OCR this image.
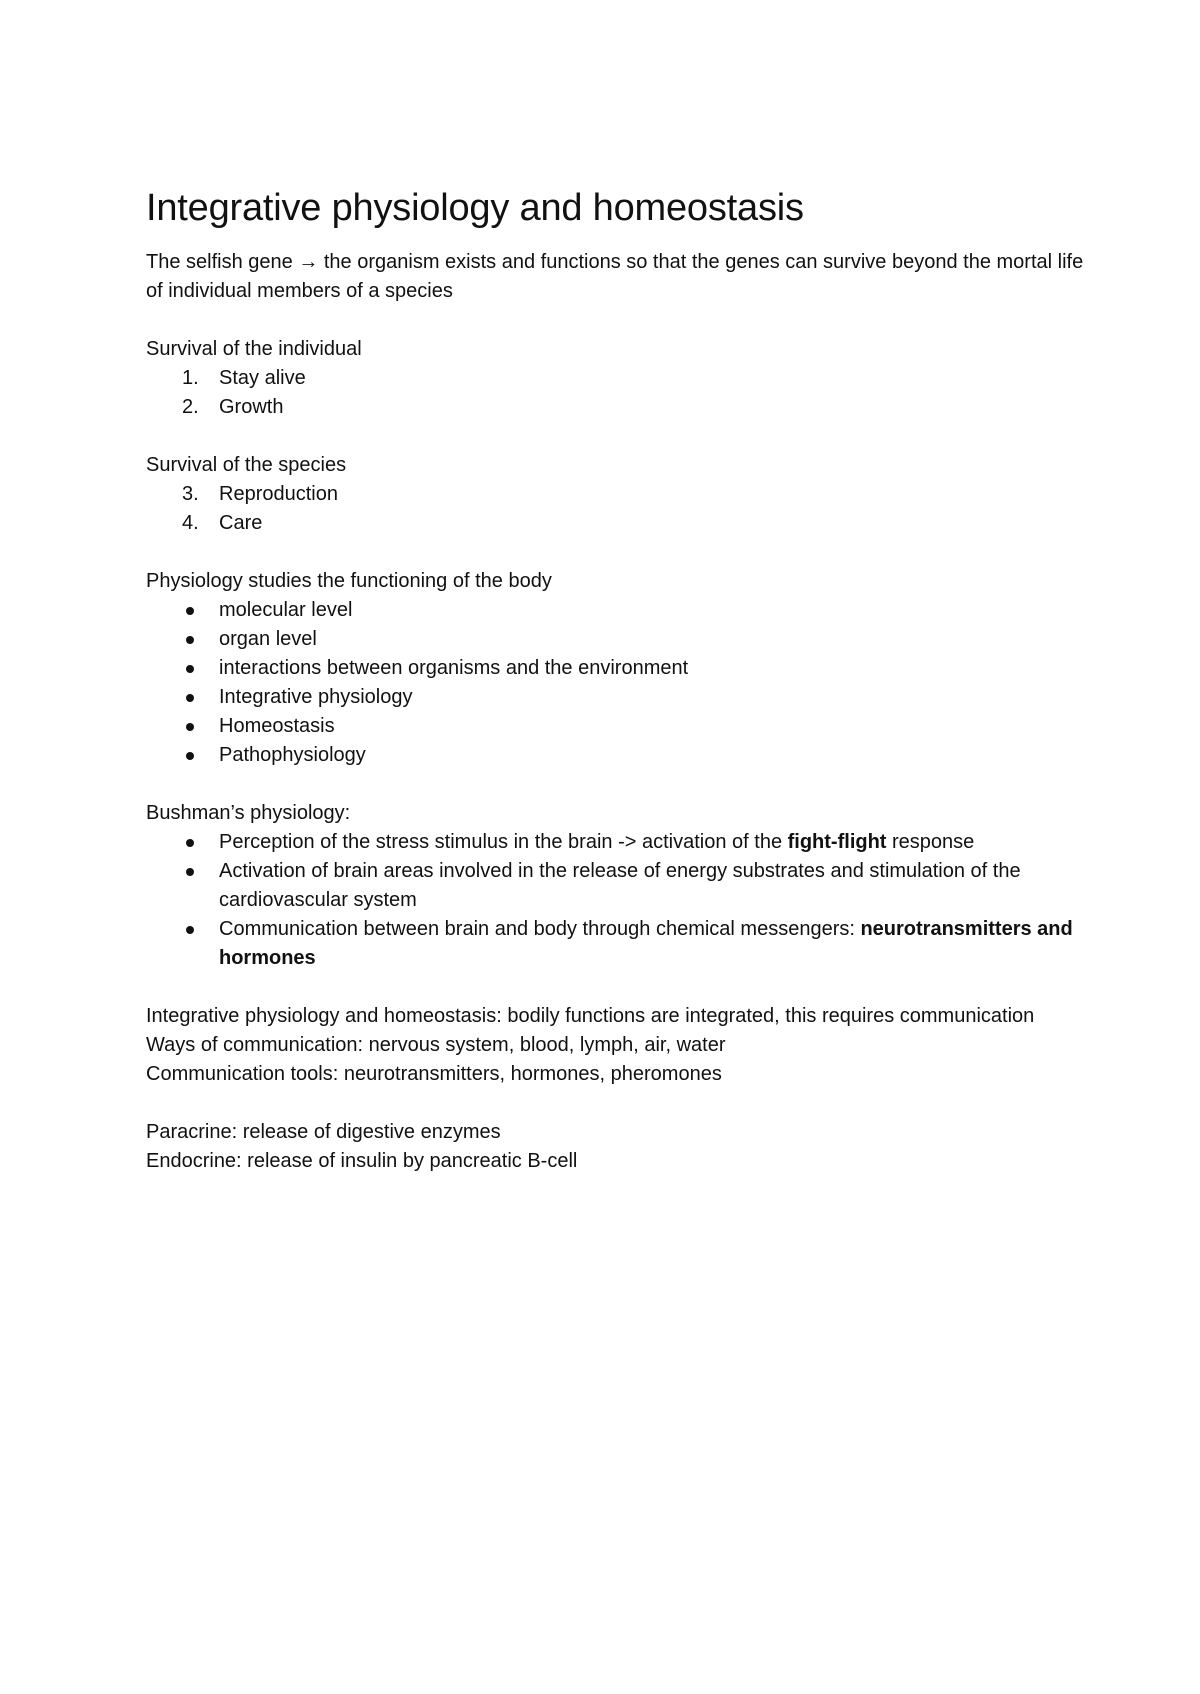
Integrative physiology and homeostasis

The selfish gene → the organism exists and functions so that the genes can survive beyond the mortal life of individual members of a species

Survival of the individual

1.	Stay alive
2.	Growth

Survival of the species

3.	Reproduction
4.	Care

Physiology studies the functioning of the body

molecular level
organ level
interactions between organisms and the environment
Integrative physiology
Homeostasis
Pathophysiology

Bushman’s physiology:

Perception of the stress stimulus in the brain -> activation of the fight-flight response
Activation of brain areas involved in the release of energy substrates and stimulation of the cardiovascular system
Communication between brain and body through chemical messengers: neurotransmitters and hormones

Integrative physiology and homeostasis: bodily functions are integrated, this requires communication

Ways of communication: nervous system, blood, lymph, air, water

Communication tools: neurotransmitters, hormones, pheromones

Paracrine: release of digestive enzymes

Endocrine: release of insulin by pancreatic B-cell
